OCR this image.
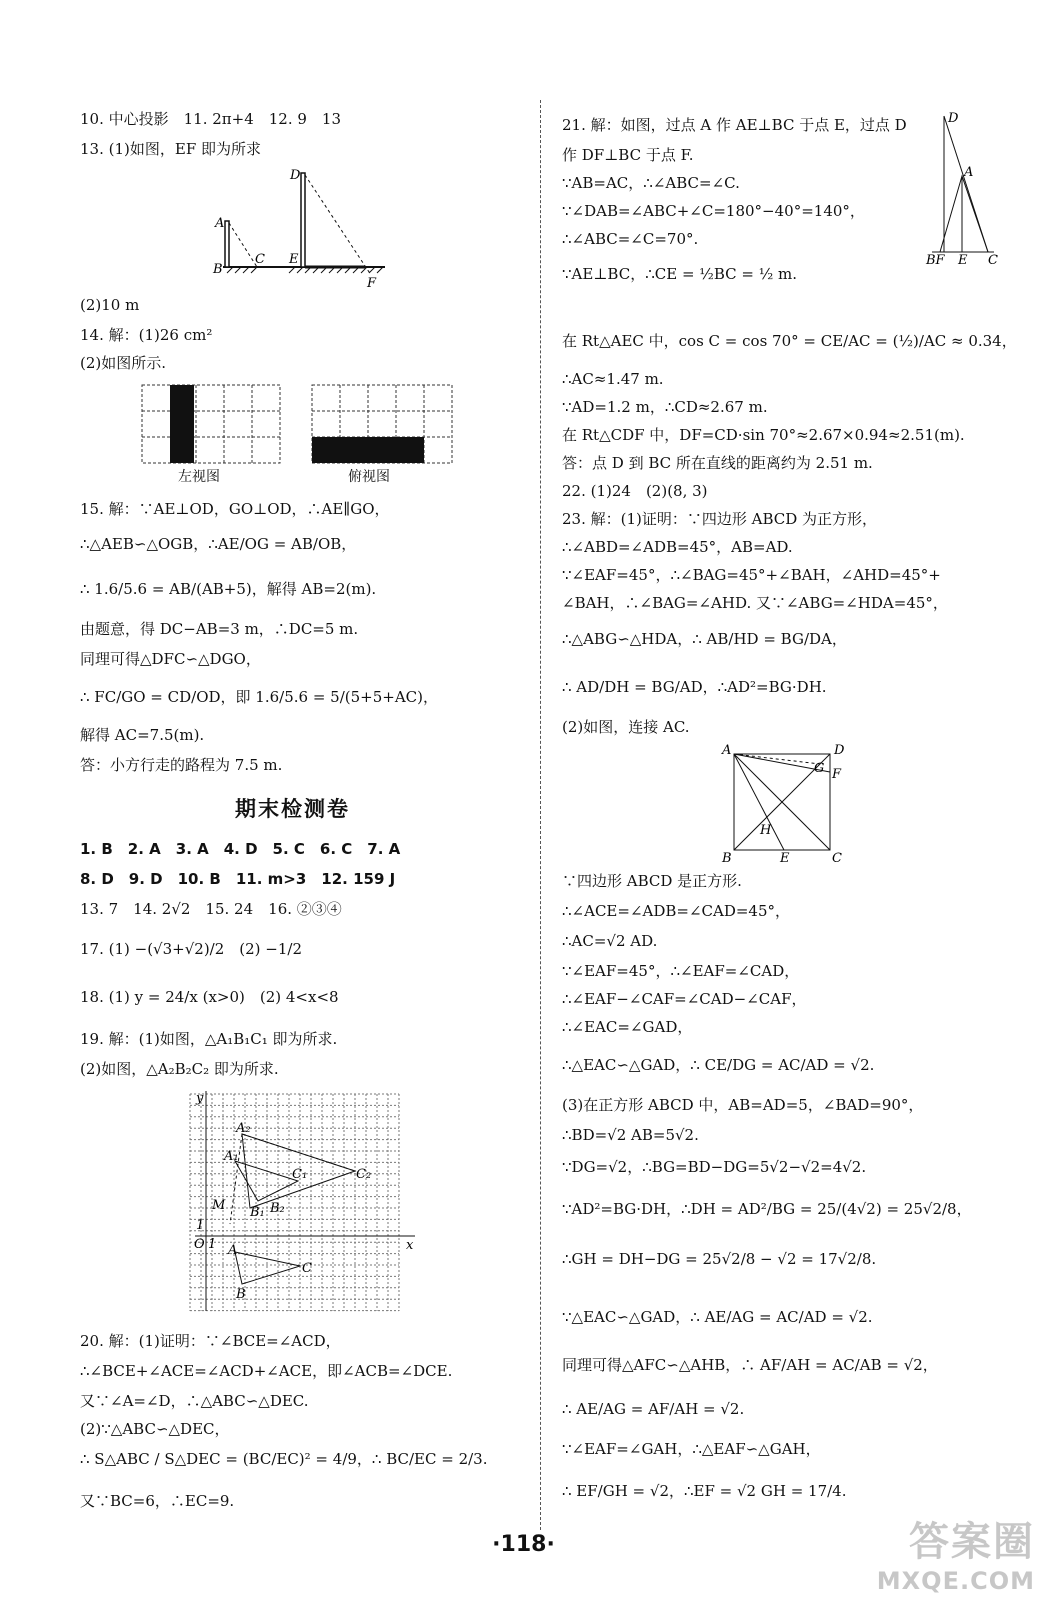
10. 中心投影　11. 2π+4　12. 9　13
13. (1)如图，EF 即为所求
A
B
C
D
E
F
(2)10 m
14. 解：(1)26 cm²
(2)如图所示.
左视图	俯视图
15. 解：∵AE⊥OD，GO⊥OD，∴AE∥GO，
∴△AEB∽△OGB，∴AE/OG = AB/OB，
∴ 1.6/5.6 = AB/(AB+5)，解得 AB=2(m).
由题意，得 DC−AB=3 m，∴DC=5 m.
同理可得△DFC∽△DGO，
∴ FC/GO = CD/OD，即 1.6/5.6 = 5/(5+5+AC)，
解得 AC=7.5(m).
答：小方行走的路程为 7.5 m.
期末检测卷
1. B　2. A　3. A　4. D　5. C　6. C　7. A
8. D　9. D　10. B　11. m>3　12. 159 J
13. 7　14. 2√2　15. 24　16. ②③④
17. (1) −(√3+√2)/2　(2) −1/2
18. (1) y = 24/x (x>0)　(2) 4<x<8
19. 解：(1)如图，△A₁B₁C₁ 即为所求.
(2)如图，△A₂B₂C₂ 即为所求.
y
x
O 1
1
A₂
A₁
C₂
C₁
B₁ B₂
M
A
C
B
20. 解：(1)证明：∵∠BCE=∠ACD，
∴∠BCE+∠ACE=∠ACD+∠ACE，即∠ACB=∠DCE.
又∵∠A=∠D，∴△ABC∽△DEC.
(2)∵△ABC∽△DEC，
∴ S△ABC / S△DEC = (BC/EC)² = 4/9，∴ BC/EC = 2/3.
又∵BC=6，∴EC=9.
21. 解：如图，过点 A 作 AE⊥BC 于点 E，过点 D
作 DF⊥BC 于点 F.
∵AB=AC，∴∠ABC=∠C.
∵∠DAB=∠ABC+∠C=180°−40°=140°，
∴∠ABC=∠C=70°.
∵AE⊥BC，∴CE = ½BC = ½ m.
在 Rt△AEC 中，cos C = cos 70° = CE/AC = (½)/AC ≈ 0.34，
∴AC≈1.47 m.
∵AD=1.2 m，∴CD≈2.67 m.
在 Rt△CDF 中，DF=CD·sin 70°≈2.67×0.94≈2.51(m).
答：点 D 到 BC 所在直线的距离约为 2.51 m.
22. (1)24　(2)(8, 3)
23. 解：(1)证明：∵四边形 ABCD 为正方形，
∴∠ABD=∠ADB=45°，AB=AD.
∵∠EAF=45°，∴∠BAG=45°+∠BAH，∠AHD=45°+
∠BAH，∴∠BAG=∠AHD. 又∵∠ABG=∠HDA=45°，
∴△ABG∽△HDA，∴ AB/HD = BG/DA，
∴ AD/DH = BG/AD，∴AD²=BG·DH.
(2)如图，连接 AC.
∵四边形 ABCD 是正方形.
∴∠ACE=∠ADB=∠CAD=45°，
∴AC=√2 AD.
∵∠EAF=45°，∴∠EAF=∠CAD，
∴∠EAF−∠CAF=∠CAD−∠CAF，
∴∠EAC=∠GAD，
∴△EAC∽△GAD，∴ CE/DG = AC/AD = √2.
(3)在正方形 ABCD 中，AB=AD=5，∠BAD=90°，
∴BD=√2 AB=5√2.
∵DG=√2，∴BG=BD−DG=5√2−√2=4√2.
∵AD²=BG·DH，∴DH = AD²/BG = 25/(4√2) = 25√2/8，
∴GH = DH−DG = 25√2/8 − √2 = 17√2/8.
∵△EAC∽△GAD，∴ AE/AG = AC/AD = √2.
同理可得△AFC∽△AHB，∴ AF/AH = AC/AB = √2，
∴ AE/AG = AF/AH = √2.
∵∠EAF=∠GAH，∴△EAF∽△GAH，
∴ EF/GH = √2，∴EF = √2 GH = 17/4.
D
A
BF E C
A	D
F
G
H
B	E	C
·118·	答案圈
MXQE.COM
